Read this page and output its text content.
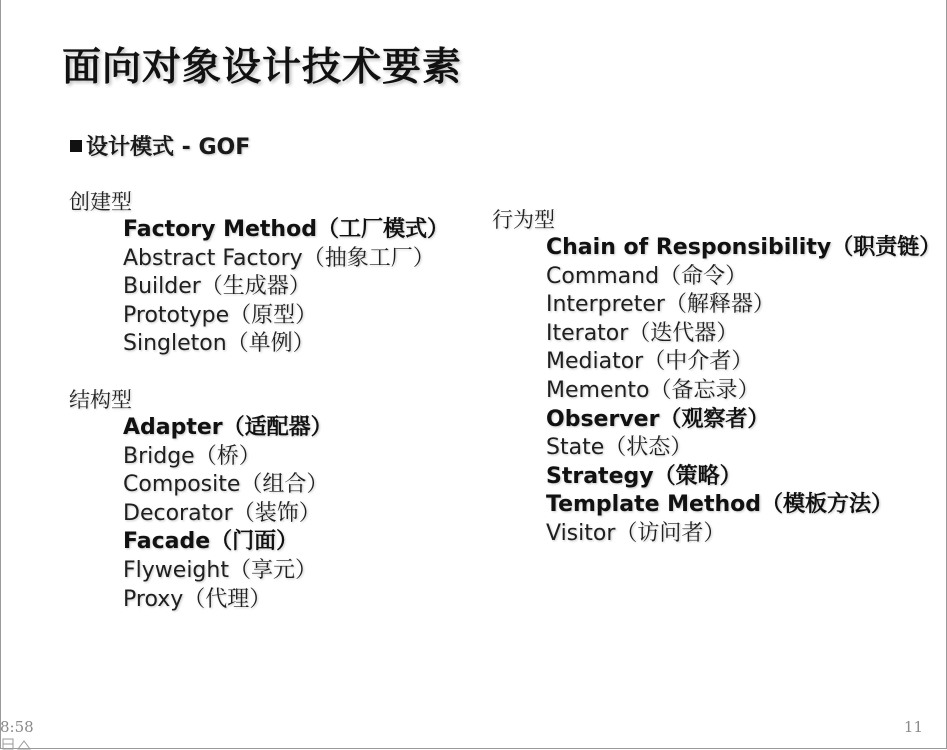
面向对象设计技术要素
设计模式 - GOF
创建型
Factory Method（工厂模式）
Abstract Factory（抽象工厂）
Builder（生成器）
Prototype（原型）
Singleton（单例）
结构型
Adapter（适配器）
Bridge（桥）
Composite（组合）
Decorator（装饰）
Facade（门面）
Flyweight（享元）
Proxy（代理）
行为型
Chain of Responsibility（职责链）
Command（命令）
Interpreter（解释器）
Iterator（迭代器）
Mediator（中介者）
Memento（备忘录）
Observer（观察者）
State（状态）
Strategy（策略）
Template Method（模板方法）
Visitor（访问者）
8:58	11
